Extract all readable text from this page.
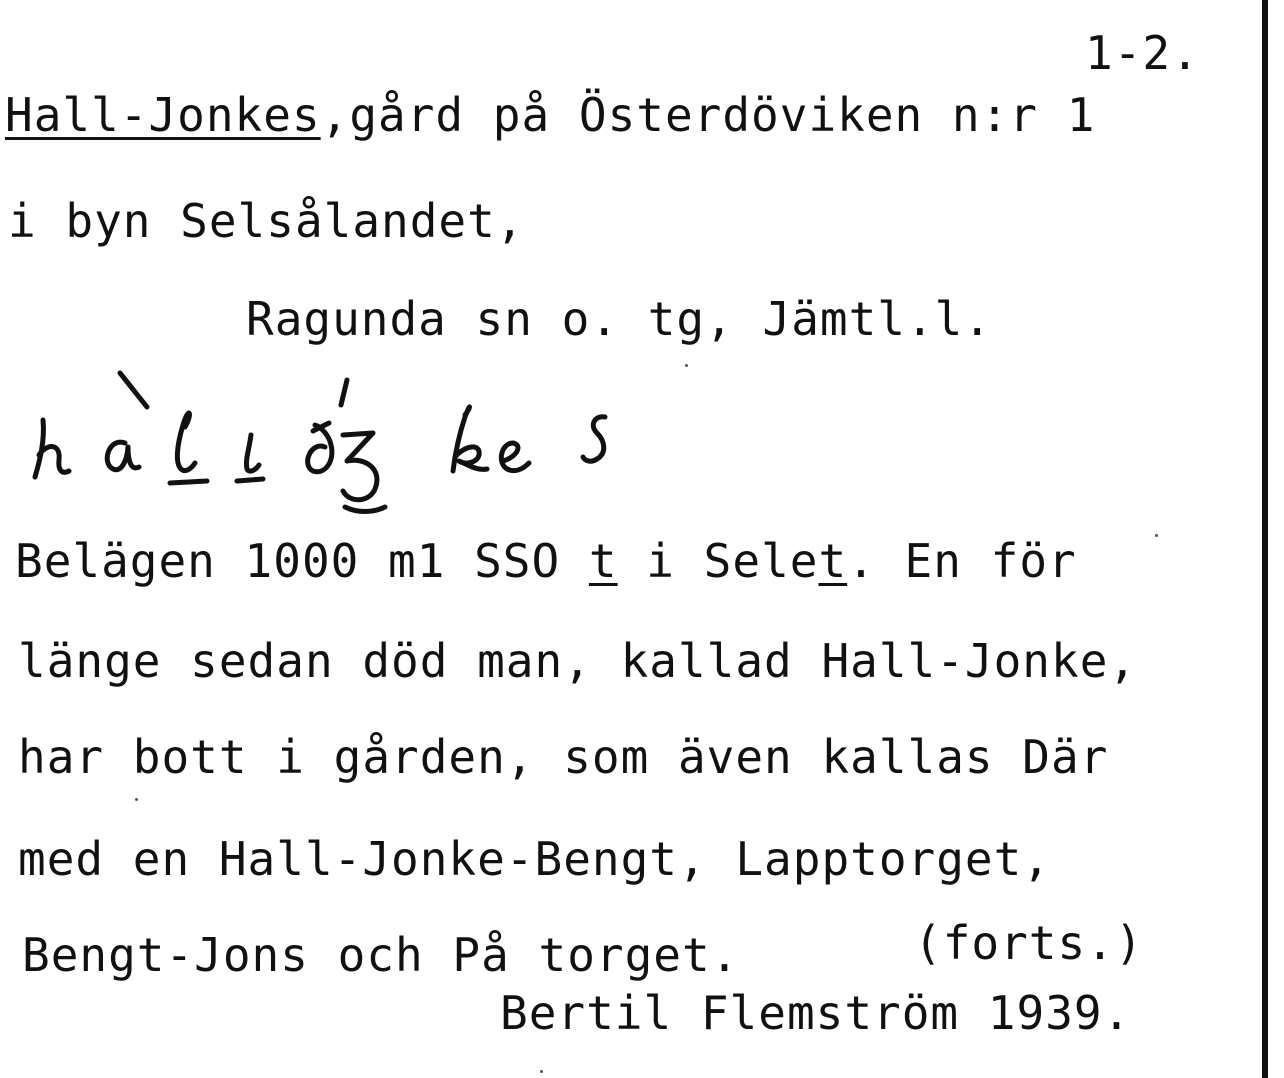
1-2.
Hall-Jonkes,gård på Österdöviken n:r 1
i byn Selsålandet,
Ragunda sn o. tg, Jämtl.l.
Belägen 1000 m1 SSO t i Selet. En för
länge sedan död man, kallad Hall-Jonke,
har bott i gården, som även kallas Där
med en Hall-Jonke-Bengt, Lapptorget,
Bengt-Jons och På torget.	(forts.)
Bertil Flemström 1939.
